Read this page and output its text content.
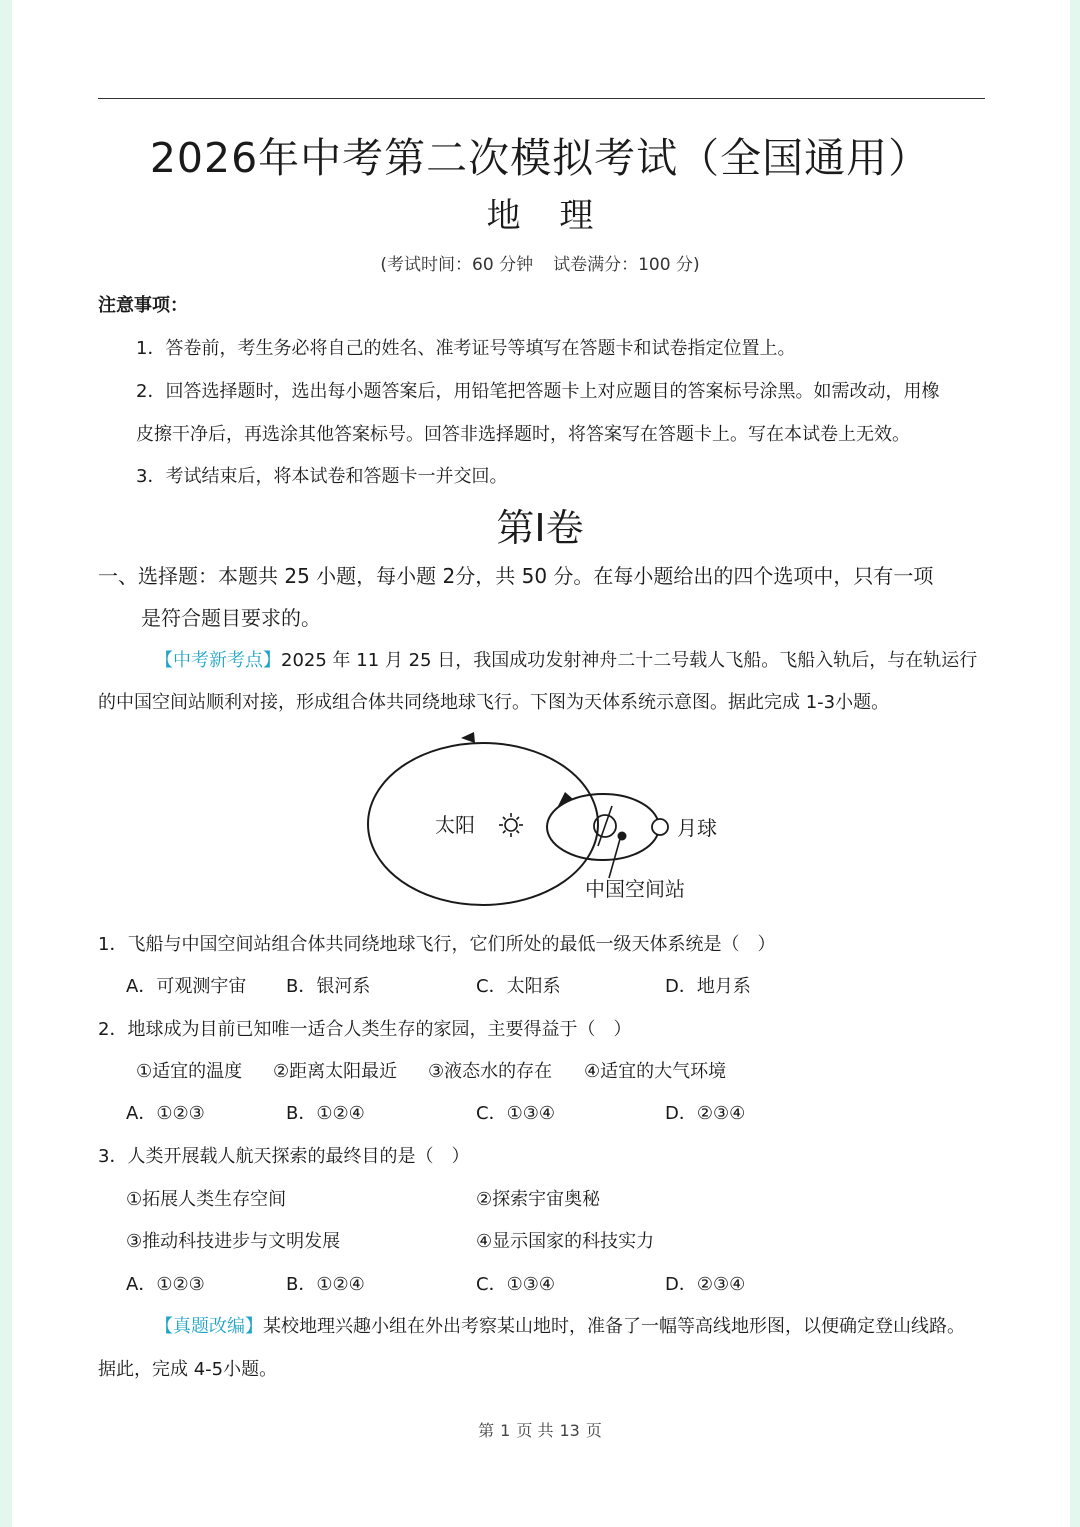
2026年中考第二次模拟考试（全国通用）
地 理
(考试时间：60 分钟 试卷满分：100 分)
注意事项：
1．答卷前，考生务必将自己的姓名、准考证号等填写在答题卡和试卷指定位置上。
2．回答选择题时，选出每小题答案后，用铅笔把答题卡上对应题目的答案标号涂黑。如需改动，用橡
皮擦干净后，再选涂其他答案标号。回答非选择题时，将答案写在答题卡上。写在本试卷上无效。
3．考试结束后，将本试卷和答题卡一并交回。
第Ⅰ卷
一、选择题：本题共 25 小题，每小题 2分，共 50 分。在每小题给出的四个选项中，只有一项
是符合题目要求的。
【中考新考点】2025 年 11 月 25 日，我国成功发射神舟二十二号载人飞船。飞船入轨后，与在轨运行
的中国空间站顺利对接，形成组合体共同绕地球飞行。下图为天体系统示意图。据此完成 1-3小题。
太阳	月球
中国空间站
1．飞船与中国空间站组合体共同绕地球飞行，它们所处的最低一级天体系统是（　）
A．可观测宇宙 B．银河系	C．太阳系	D．地月系
2．地球成为目前已知唯一适合人类生存的家园，主要得益于（　）
①适宜的温度 ②距离太阳最近 ③液态水的存在 ④适宜的大气环境
A．①②③	B．①②④	C．①③④	D．②③④
3．人类开展载人航天探索的最终目的是（　）
①拓展人类生存空间	②探索宇宙奥秘
③推动科技进步与文明发展	④显示国家的科技实力
A．①②③	B．①②④	C．①③④	D．②③④
【真题改编】某校地理兴趣小组在外出考察某山地时，准备了一幅等高线地形图，以便确定登山线路。
据此，完成 4-5小题。
第 1 页 共 13 页
